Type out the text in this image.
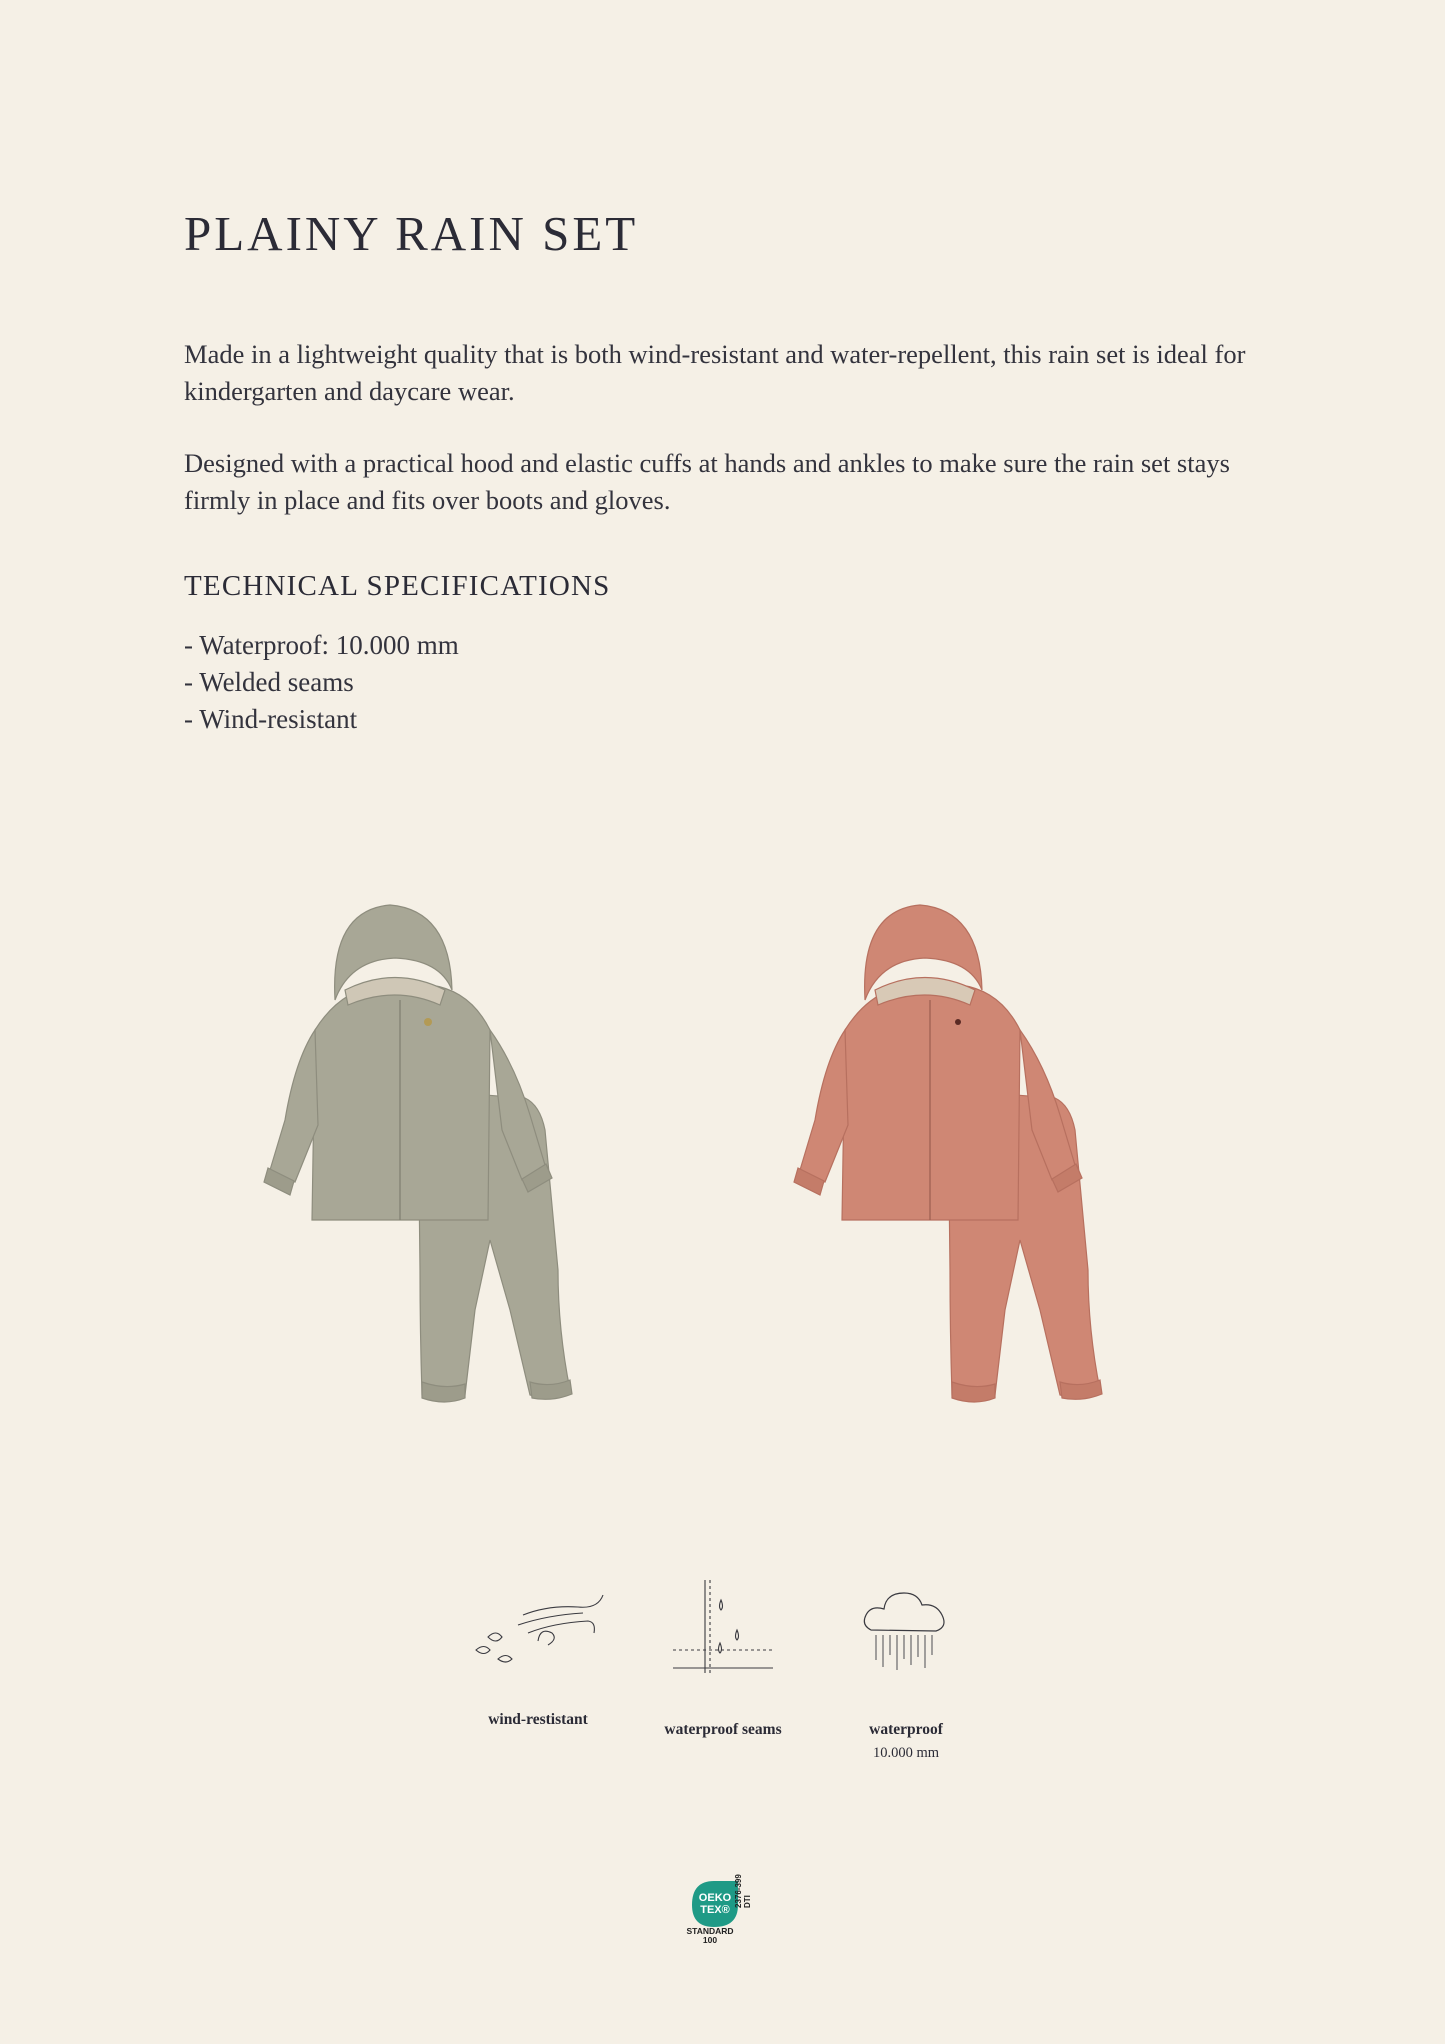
PLAINY RAIN SET

Made in a lightweight quality that is both wind-resistant and water-repellent, this rain set is ideal for kindergarten and daycare wear.

Designed with a practical hood and elastic cuffs at hands and ankles to make sure the rain set stays firmly in place and fits over boots and gloves.

TECHNICAL SPECIFICATIONS
- Waterproof: 10.000 mm
- Welded seams
- Wind-resistant
wind-restistant
waterproof seams	waterproof
10.000 mm
OEKO
TEX®
STANDARD
100
2376-399 DTI
